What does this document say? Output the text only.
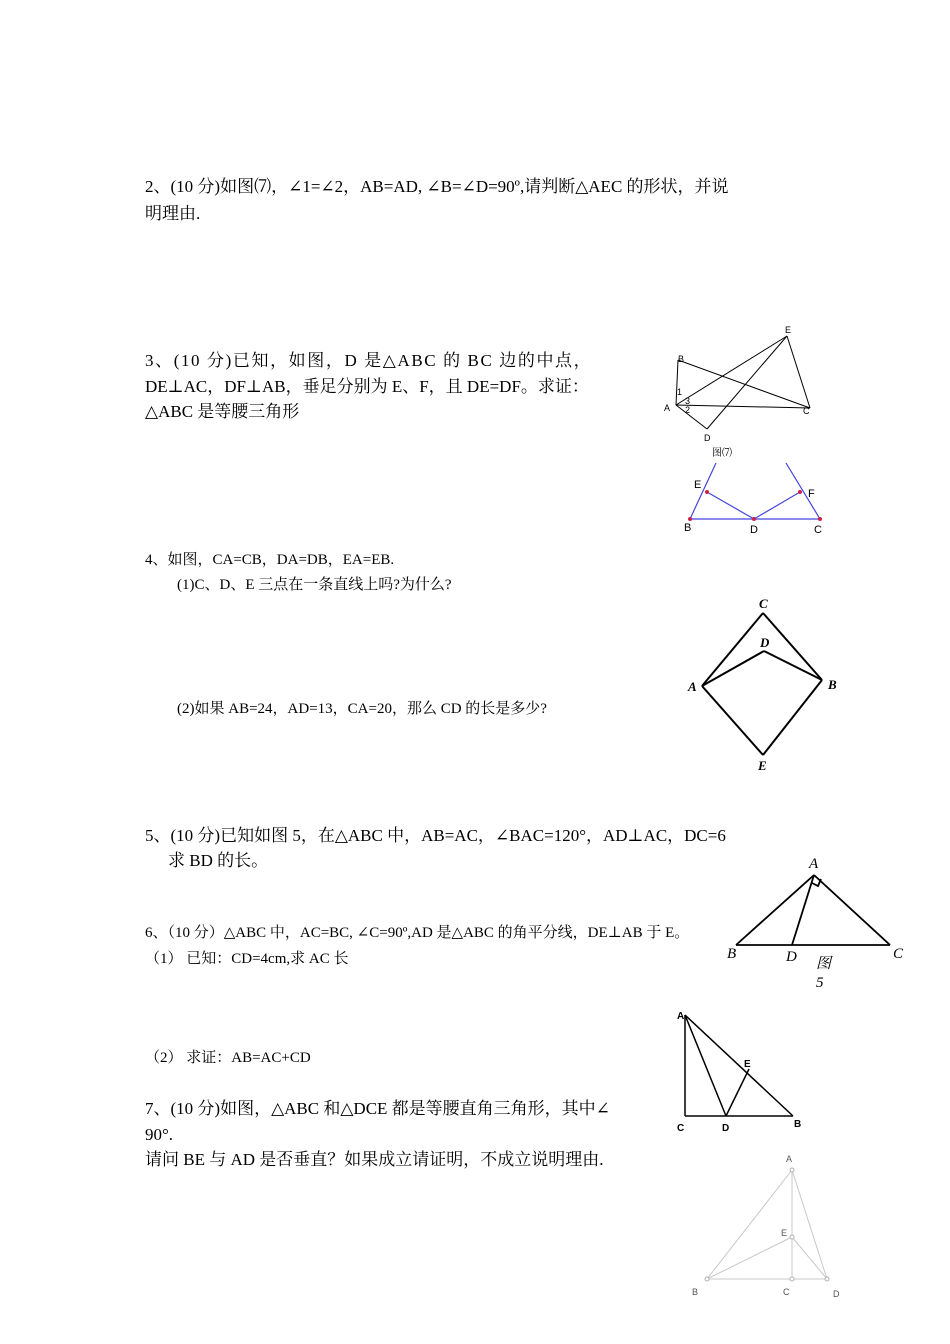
2、(10 分)如图⑺，∠1=∠2，AB=AD, ∠B=∠D=90º,请判断△AEC 的形状，并说
明理由.
3、(10 分)已知，如图，D 是△ABC 的 BC 边的中点，
DE⊥AC，DF⊥AB，垂足分别为 E、F，且 DE=DF。求证：
△ABC 是等腰三角形
E
B
1
3
A 2	C
D
图⑺
E
F
B	D	C
4、如图，CA=CB，DA=DB，EA=EB.
(1)C、D、E 三点在一条直线上吗?为什么?
(2)如果 AB=24，AD=13，CA=20，那么 CD 的长是多少?
C
D
A	B
E
5、(10 分)已知如图 5，在△ABC 中，AB=AC，∠BAC=120°，AD⊥AC，DC=6
求 BD 的长。	A
B	D	C
图
5
6、（10 分）△ABC 中，AC=BC, ∠C=90º,AD 是△ABC 的角平分线，DE⊥AB 于 E。
（1） 已知：CD=4cm,求 AC 长
（2） 求证：AB=AC+CD
A
E
C	D	B
7、(10 分)如图，△ABC 和△DCE 都是等腰直角三角形，其中∠
90°.
请问 BE 与 AD 是否垂直？如果成立请证明，不成立说明理由.	A
E
B	C	D
